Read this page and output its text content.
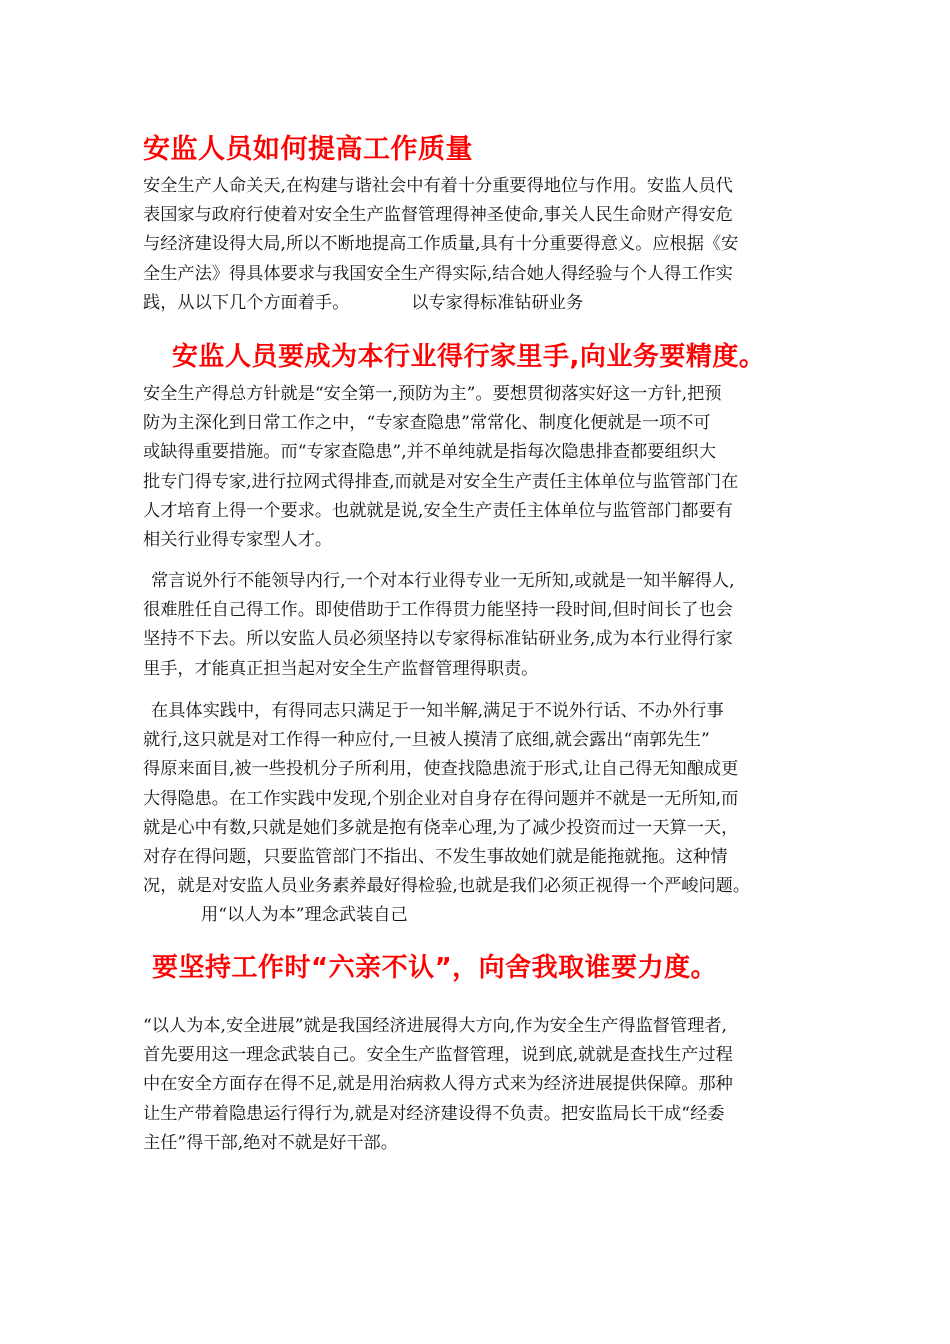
安监人员如何提高工作质量
安全生产人命关天,在构建与谐社会中有着十分重要得地位与作用。安监人员代
表国家与政府行使着对安全生产监督管理得神圣使命,事关人民生命财产得安危
与经济建设得大局,所以不断地提高工作质量,具有十分重要得意义。应根据《安
全生产法》得具体要求与我国安全生产得实际,结合她人得经验与个人得工作实
践，从以下几个方面着手。	以专家得标准钻研业务
安监人员要成为本行业得行家里手,向业务要精度。
安全生产得总方针就是“安全第一,预防为主”。要想贯彻落实好这一方针,把预
防为主深化到日常工作之中，“专家查隐患”常常化、制度化便就是一项不可
或缺得重要措施。而“专家查隐患”,并不单纯就是指每次隐患排查都要组织大
批专门得专家,进行拉网式得排查,而就是对安全生产责任主体单位与监管部门在
人才培育上得一个要求。也就就是说,安全生产责任主体单位与监管部门都要有
相关行业得专家型人才。
常言说外行不能领导内行,一个对本行业得专业一无所知,或就是一知半解得人,
很难胜任自己得工作。即使借助于工作得贯力能坚持一段时间,但时间长了也会
坚持不下去。所以安监人员必须坚持以专家得标准钻研业务,成为本行业得行家
里手，才能真正担当起对安全生产监督管理得职责。
在具体实践中，有得同志只满足于一知半解,满足于不说外行话、不办外行事
就行,这只就是对工作得一种应付,一旦被人摸清了底细,就会露出“南郭先生”
得原来面目,被一些投机分子所利用，使查找隐患流于形式,让自己得无知酿成更
大得隐患。在工作实践中发现,个别企业对自身存在得问题并不就是一无所知,而
就是心中有数,只就是她们多就是抱有侥幸心理,为了减少投资而过一天算一天，
对存在得问题，只要监管部门不指出、不发生事故她们就是能拖就拖。这种情
况，就是对安监人员业务素养最好得检验,也就是我们必须正视得一个严峻问题。
用“以人为本”理念武装自己
要坚持工作时“六亲不认”，向舍我取谁要力度。
“以人为本,安全进展”就是我国经济进展得大方向,作为安全生产得监督管理者,
首先要用这一理念武装自己。安全生产监督管理，说到底,就就是查找生产过程
中在安全方面存在得不足,就是用治病救人得方式来为经济进展提供保障。那种
让生产带着隐患运行得行为,就是对经济建设得不负责。把安监局长干成“经委
主任”得干部,绝对不就是好干部。
